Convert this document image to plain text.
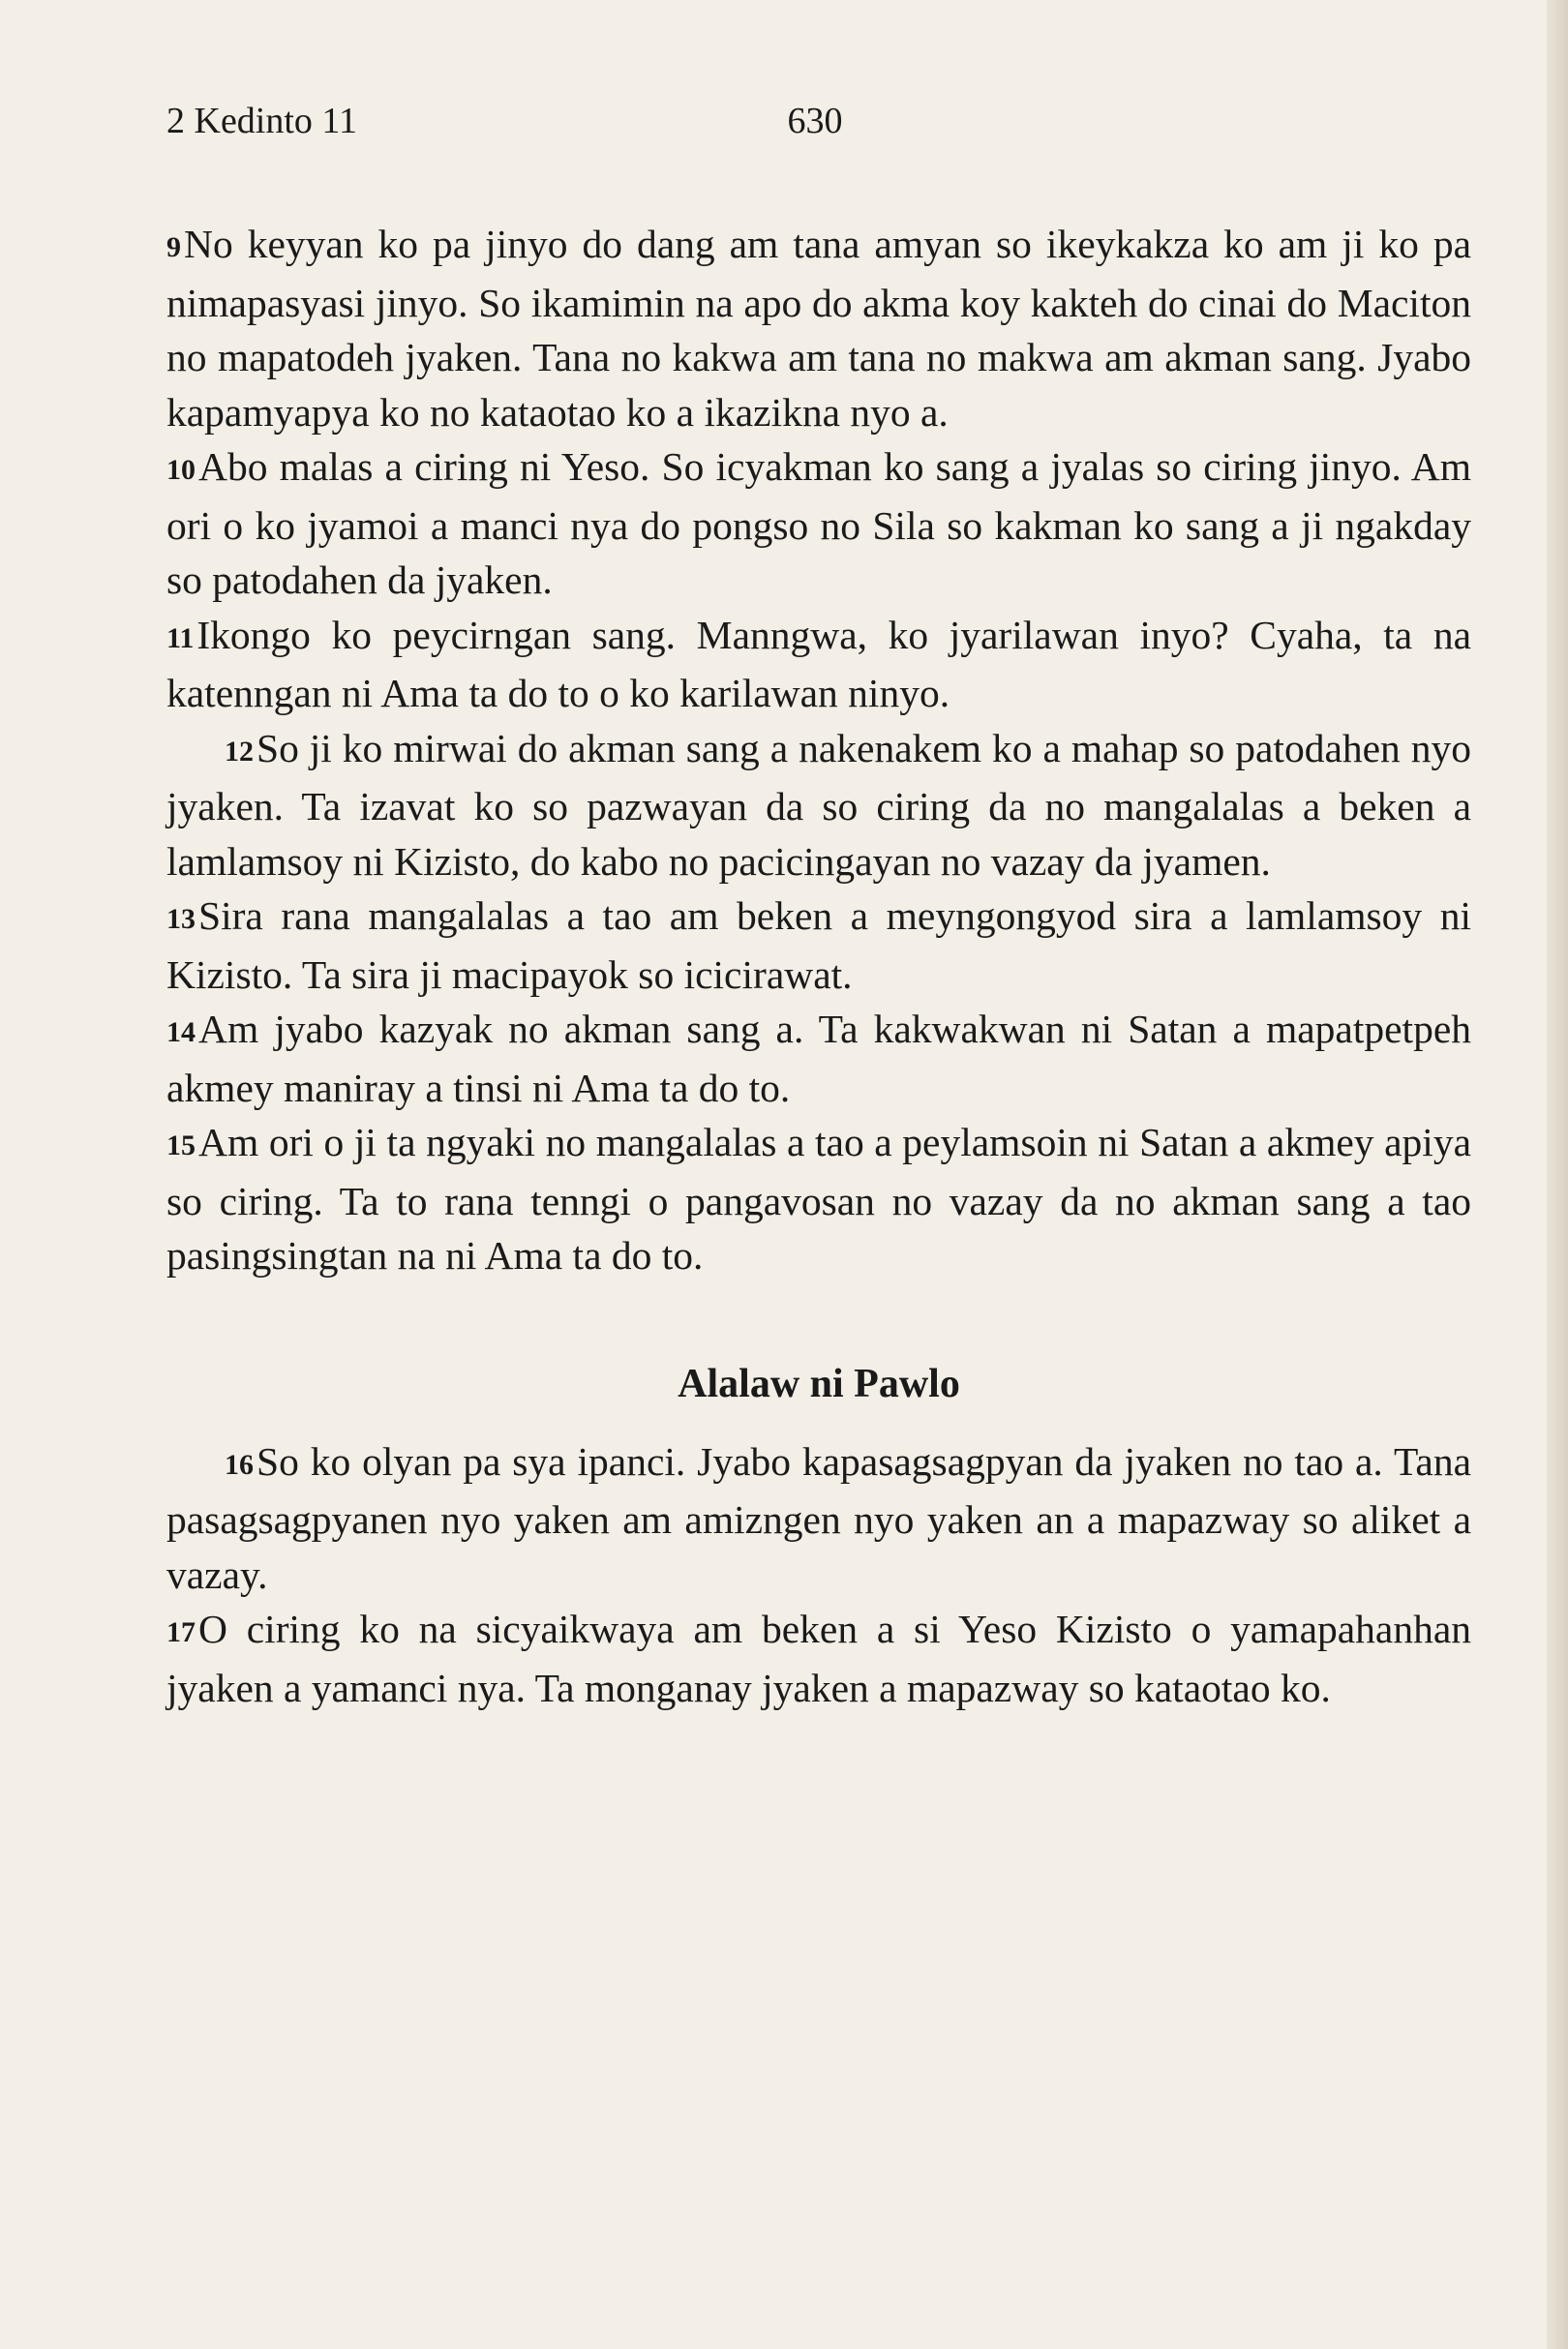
2 Kedinto 11	630

9No keyyan ko pa jinyo do dang am tana amyan so ikeykakza ko am ji ko pa nimapasyasi jinyo. So ikamimin na apo do akma koy kakteh do cinai do Maciton no mapatodeh jyaken. Tana no kakwa am tana no makwa am akman sang. Jyabo kapamyapya ko no kataotao ko a ikazikna nyo a.

10Abo malas a ciring ni Yeso. So icyakman ko sang a jyalas so ciring jinyo. Am ori o ko jyamoi a manci nya do pongso no Sila so kakman ko sang a ji ngakday so patodahen da jyaken.

11Ikongo ko peycirngan sang. Manngwa, ko jyarilawan inyo? Cyaha, ta na katenngan ni Ama ta do to o ko karilawan ninyo.

12So ji ko mirwai do akman sang a nakenakem ko a mahap so patodahen nyo jyaken. Ta izavat ko so pazwayan da so ciring da no mangalalas a beken a lamlamsoy ni Kizisto, do kabo no pacicingayan no vazay da jyamen.

13Sira rana mangalalas a tao am beken a meyngongyod sira a lamlamsoy ni Kizisto. Ta sira ji macipayok so icicirawat.

14Am jyabo kazyak no akman sang a. Ta kakwakwan ni Satan a mapatpetpeh akmey maniray a tinsi ni Ama ta do to.

15Am ori o ji ta ngyaki no mangalalas a tao a peylamsoin ni Satan a akmey apiya so ciring. Ta to rana tenngi o pangavosan no vazay da no akman sang a tao pasingsingtan na ni Ama ta do to.

Alalaw ni Pawlo

16So ko olyan pa sya ipanci. Jyabo kapasagsagpyan da jyaken no tao a. Tana pasagsagpyanen nyo yaken am amizngen nyo yaken an a mapazway so aliket a vazay.

17O ciring ko na sicyaikwaya am beken a si Yeso Kizisto o yamapahanhan jyaken a yamanci nya. Ta monganay jyaken a mapazway so kataotao ko.
